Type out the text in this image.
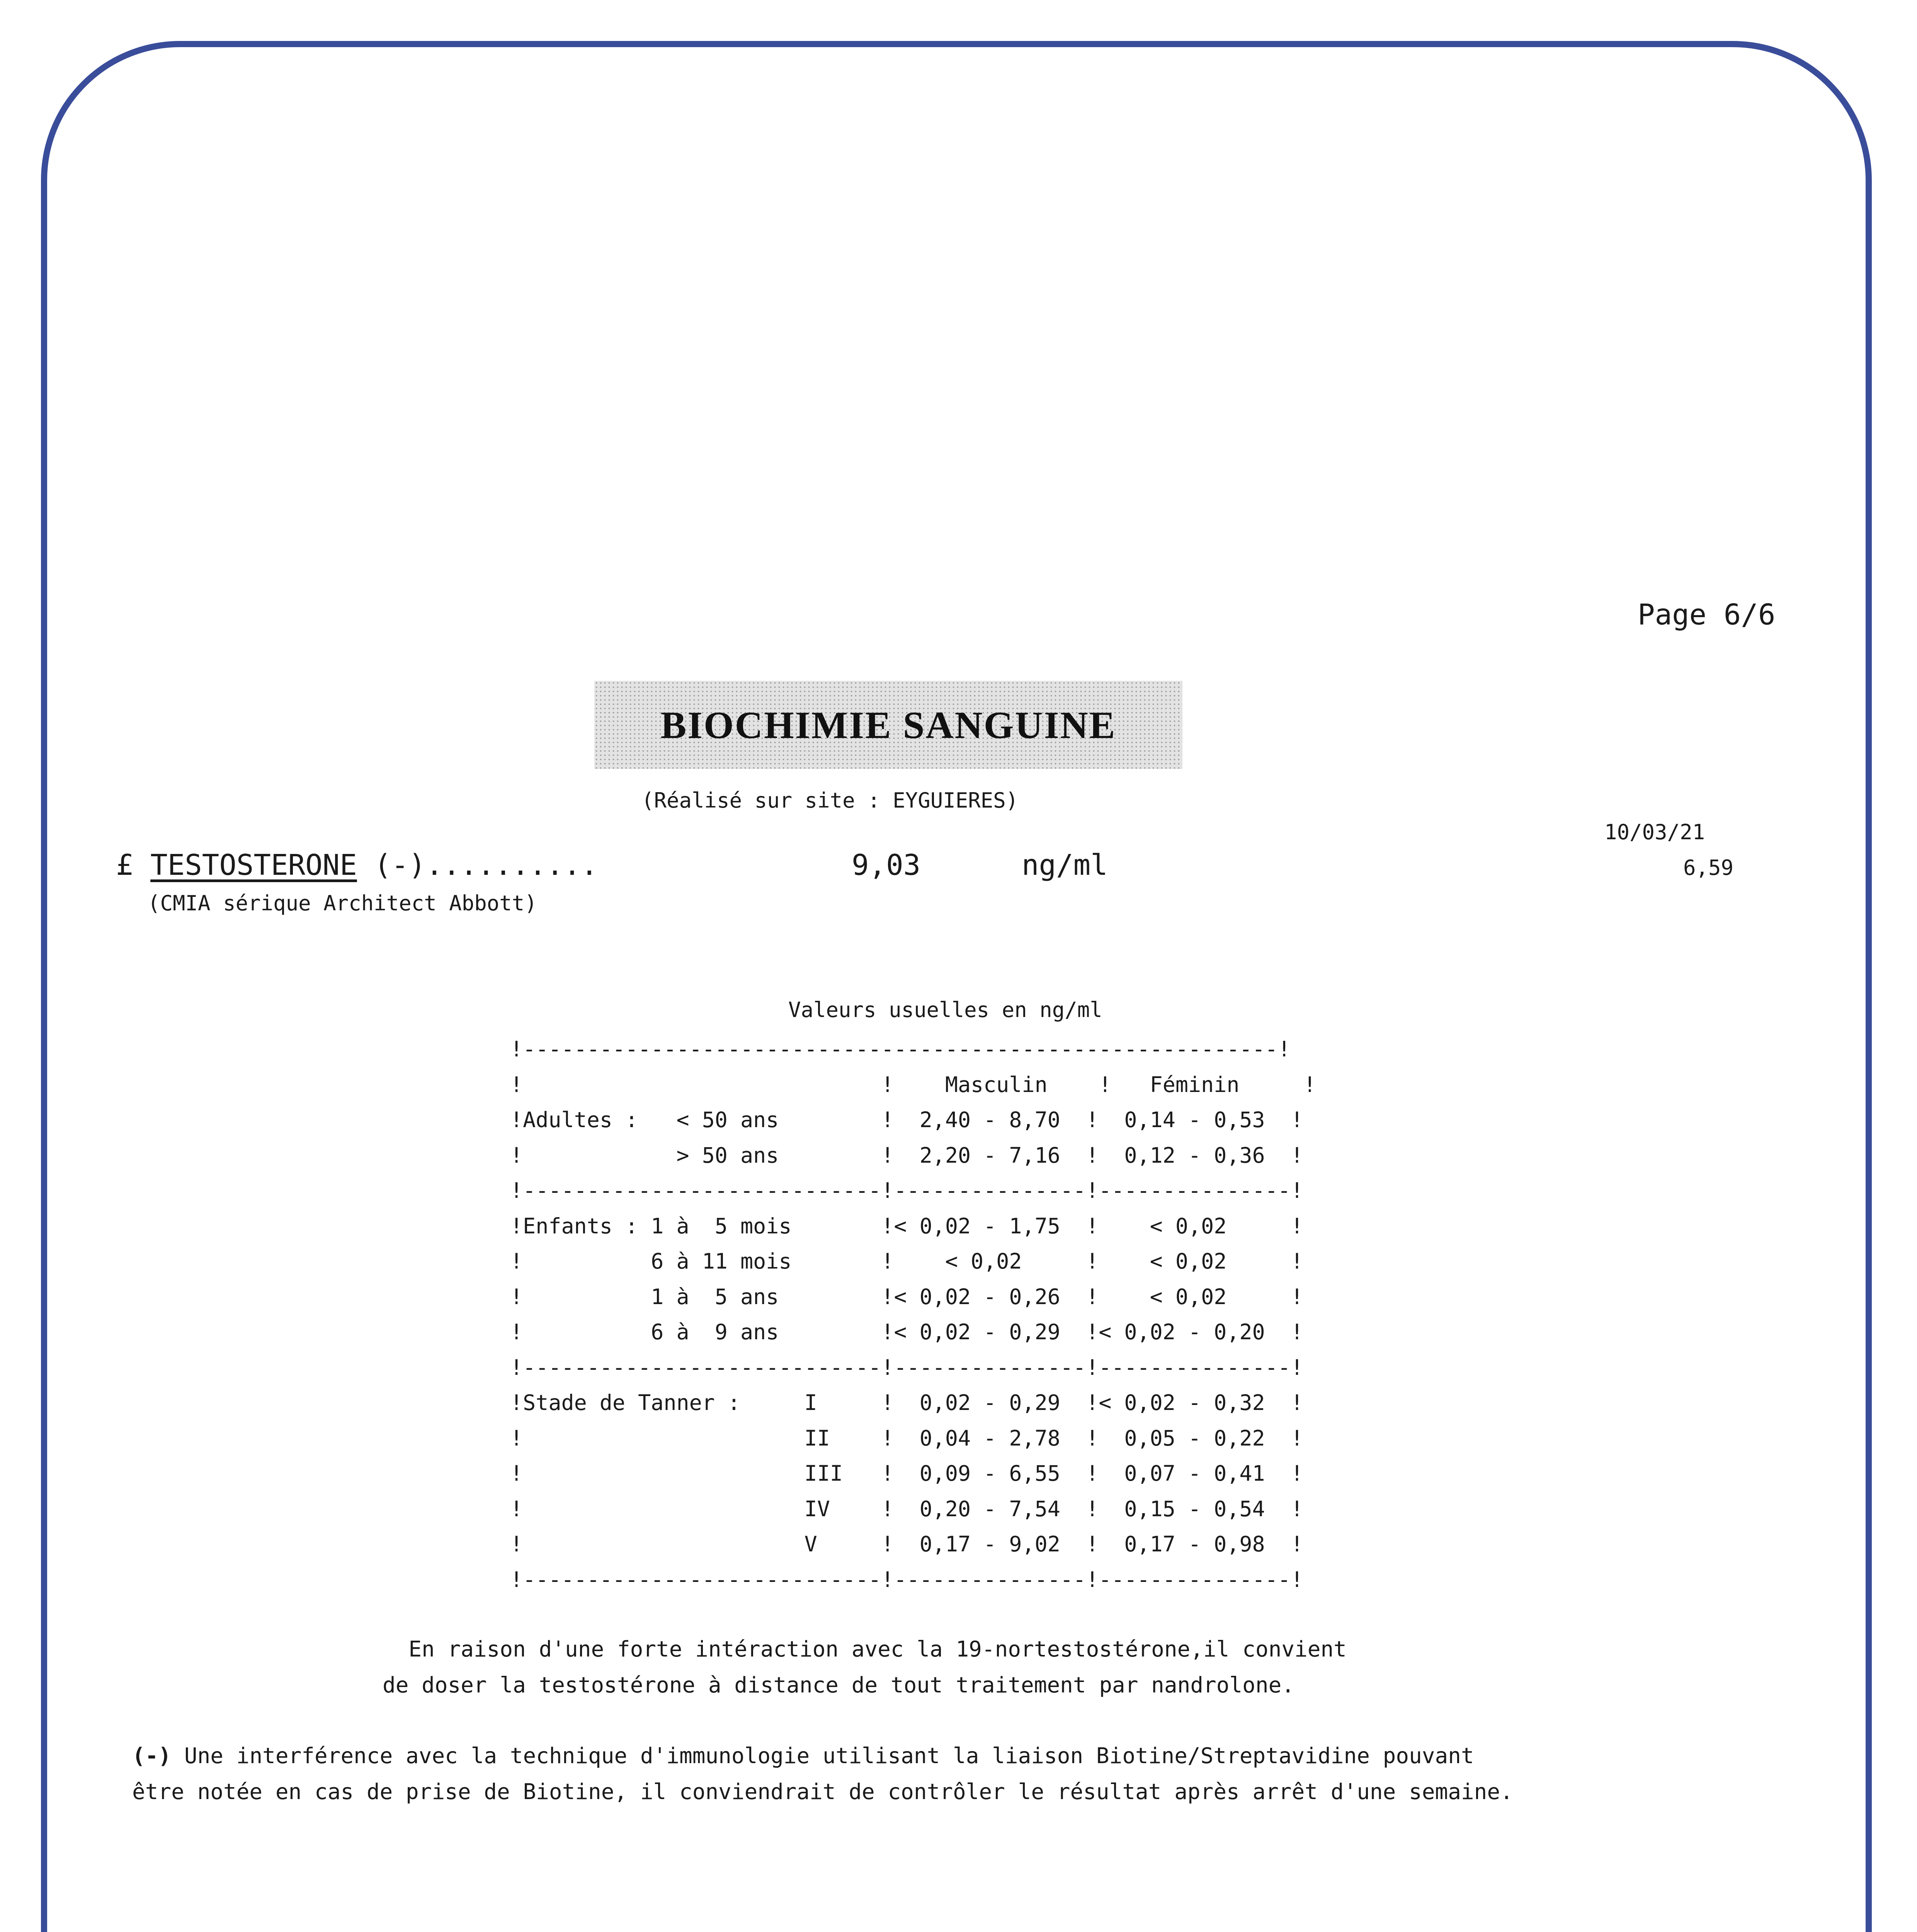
Page 6/6
BIOCHIMIE SANGUINE
(Réalisé sur site : EYGUIERES)
10/03/21
6,59
£ TESTOSTERONE (-)..........	9,03	ng/ml
(CMIA sérique Architect Abbott)
Valeurs usuelles en ng/ml
!-----------------------------------------------------------!
!                            !    Masculin    !   Féminin     !
!Adultes :   < 50 ans        !  2,40 - 8,70  !  0,14 - 0,53  !
!            > 50 ans        !  2,20 - 7,16  !  0,12 - 0,36  !
!----------------------------!---------------!---------------!
!Enfants : 1 à  5 mois       !< 0,02 - 1,75  !    < 0,02     !
!          6 à 11 mois       !    < 0,02     !    < 0,02     !
!          1 à  5 ans        !< 0,02 - 0,26  !    < 0,02     !
!          6 à  9 ans        !< 0,02 - 0,29  !< 0,02 - 0,20  !
!----------------------------!---------------!---------------!
!Stade de Tanner :     I     !  0,02 - 0,29  !< 0,02 - 0,32  !
!                      II    !  0,04 - 2,78  !  0,05 - 0,22  !
!                      III   !  0,09 - 6,55  !  0,07 - 0,41  !
!                      IV    !  0,20 - 7,54  !  0,15 - 0,54  !
!                      V     !  0,17 - 9,02  !  0,17 - 0,98  !
!----------------------------!---------------!---------------!
En raison d'une forte intéraction avec la 19-nortestostérone,il convient
de doser la testostérone à distance de tout traitement par nandrolone.
(-) Une interférence avec la technique d'immunologie utilisant la liaison Biotine/Streptavidine pouvant
être notée en cas de prise de Biotine, il conviendrait de contrôler le résultat après arrêt d'une semaine.
